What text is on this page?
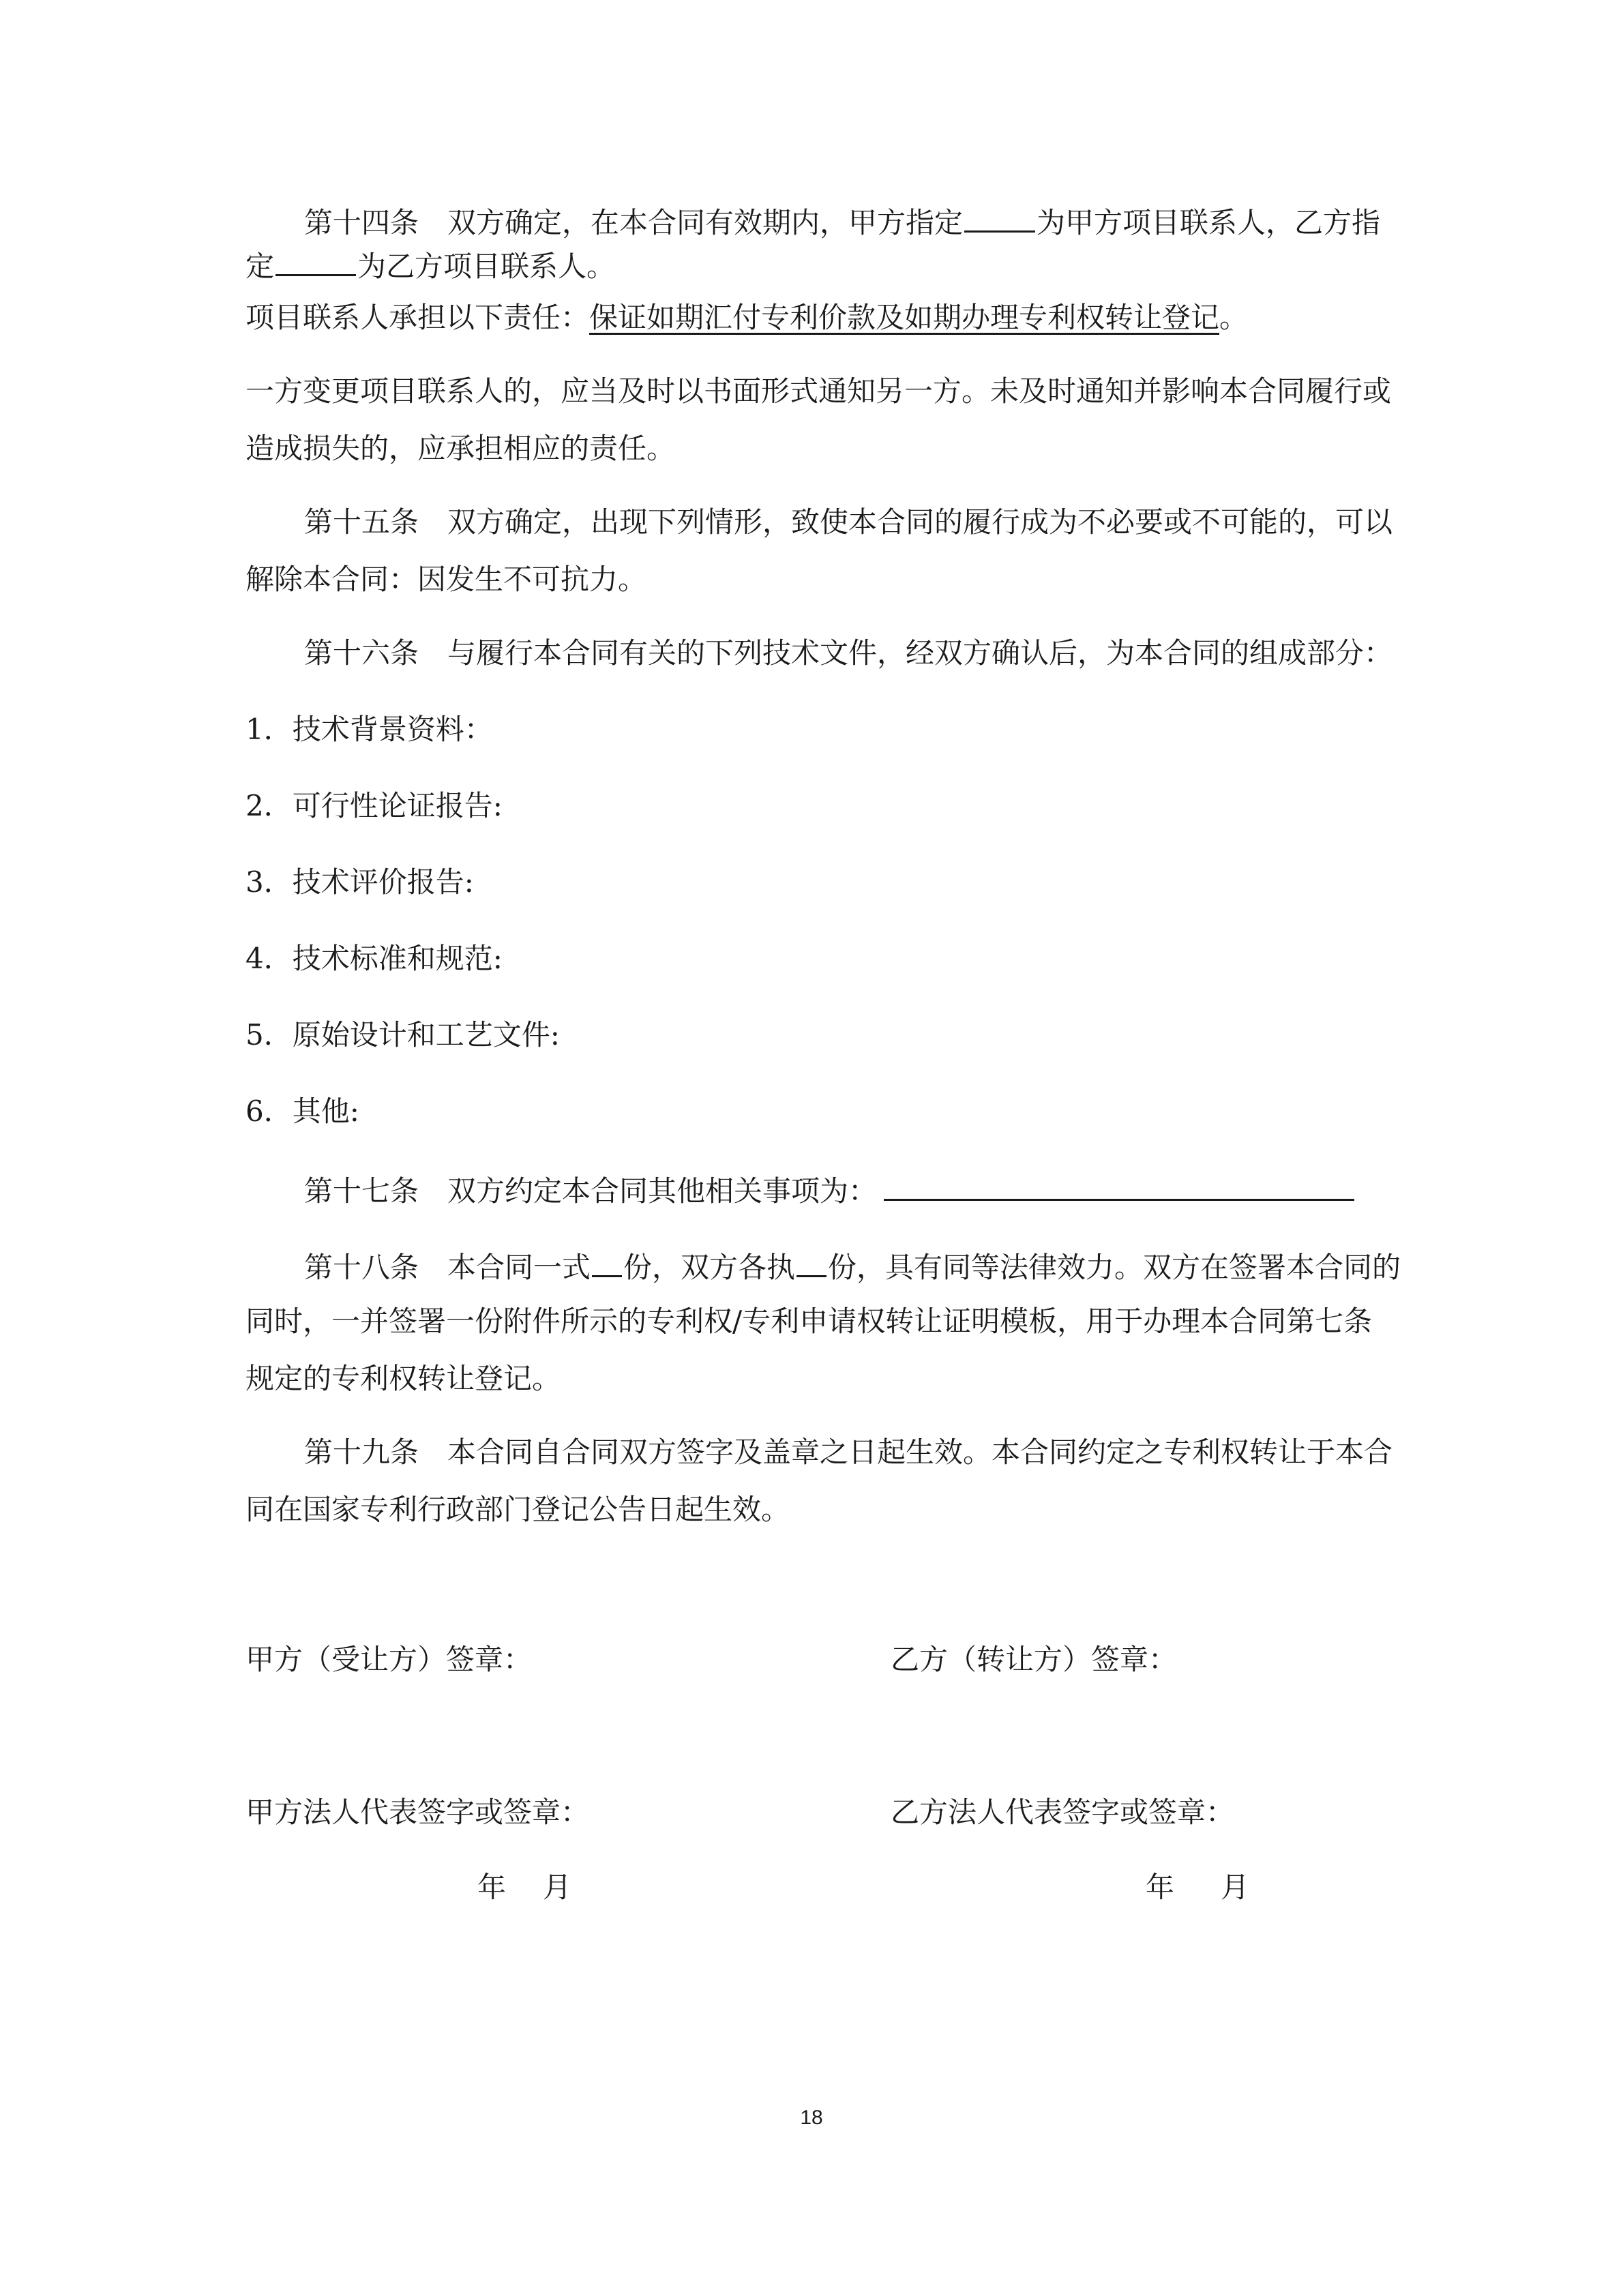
第十四条 双方确定，在本合同有效期内，甲方指定	为甲方项目联系人，乙方指
定	为乙方项目联系人。
项目联系人承担以下责任：保证如期汇付专利价款及如期办理专利权转让登记。
一方变更项目联系人的，应当及时以书面形式通知另一方。未及时通知并影响本合同履行或
造成损失的，应承担相应的责任。
第十五条 双方确定，出现下列情形，致使本合同的履行成为不必要或不可能的，可以
解除本合同：因发生不可抗力。
第十六条 与履行本合同有关的下列技术文件，经双方确认后，为本合同的组成部分：
1．技术背景资料：
2．可行性论证报告:
3．技术评价报告:
4．技术标准和规范:
5．原始设计和工艺文件:
6．其他:
第十七条 双方约定本合同其他相关事项为：
第十八条 本合同一式 份，双方各执 份，具有同等法律效力。双方在签署本合同的
同时，一并签署一份附件所示的专利权/专利申请权转让证明模板，用于办理本合同第七条
规定的专利权转让登记。
第十九条 本合同自合同双方签字及盖章之日起生效。本合同约定之专利权转让于本合
同在国家专利行政部门登记公告日起生效。
甲方（受让方）签章：	乙方（转让方）签章：
甲方法人代表签字或签章：	乙方法人代表签字或签章：
年 月	年 月
18
